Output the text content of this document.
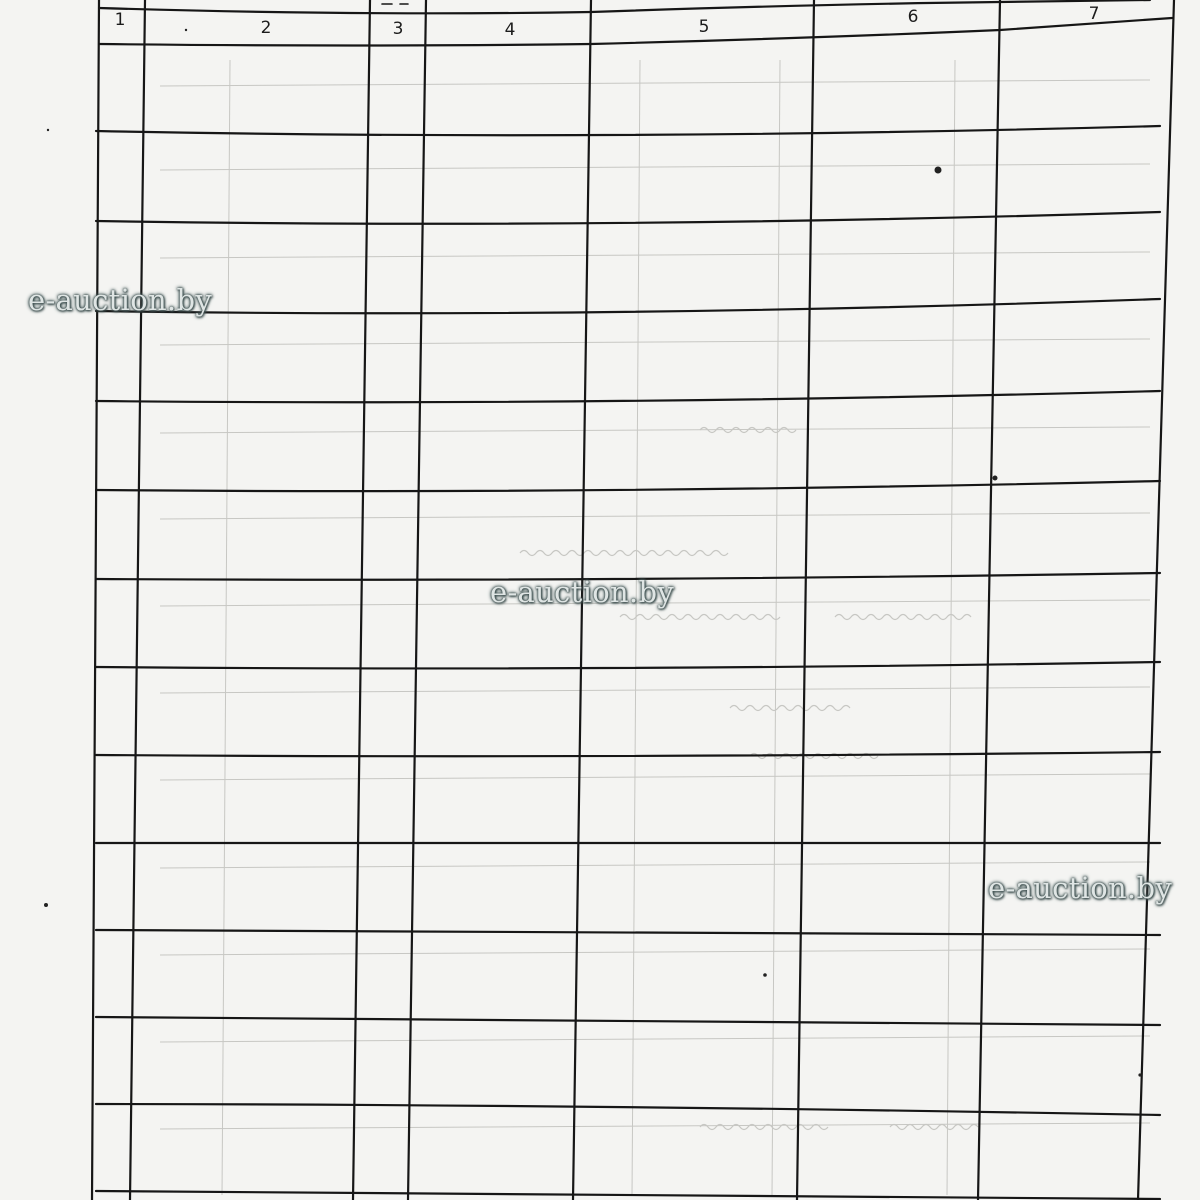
1	2	3	4	5	6	7
e-auction.by
e-auction.by
e-auction.by
